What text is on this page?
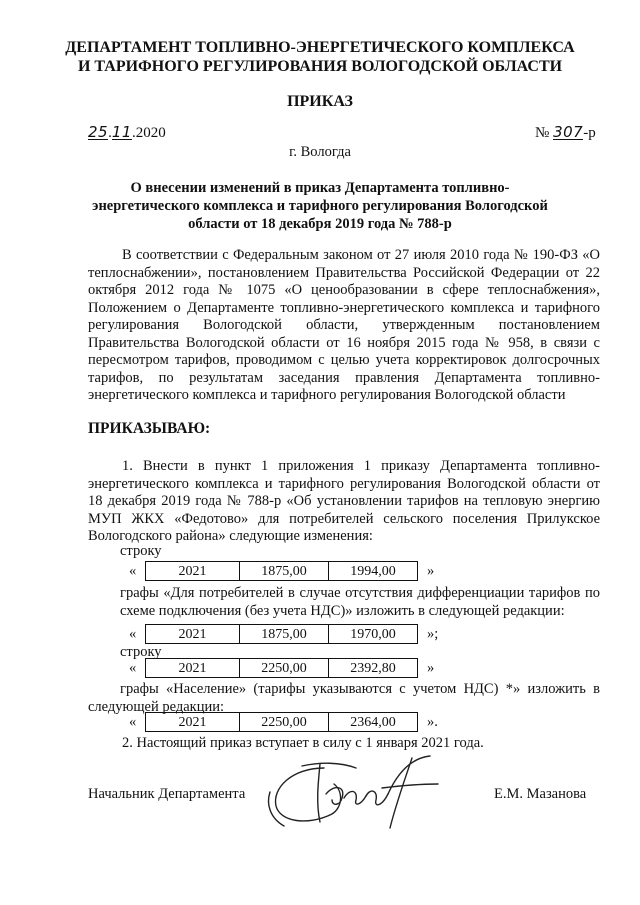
ДЕПАРТАМЕНТ ТОПЛИВНО-ЭНЕРГЕТИЧЕСКОГО КОМПЛЕКСА
И ТАРИФНОГО РЕГУЛИРОВАНИЯ ВОЛОГОДСКОЙ ОБЛАСТИ
ПРИКАЗ
25.11.2020	№ 307-р
г. Вологда
О внесении изменений в приказ Департамента топливно-
энергетического комплекса и тарифного регулирования Вологодской
области от 18 декабря 2019 года № 788-р
В соответствии с Федеральным законом от 27 июля 2010 года № 190-ФЗ «О теплоснабжении», постановлением Правительства Российской Федерации от 22 октября 2012 года № 1075 «О ценообразовании в сфере теплоснабжения», Положением о Департаменте топливно-энергетического комплекса и тарифного регулирования Вологодской области, утвержденным постановлением Правительства Вологодской области от 16 ноября 2015 года № 958, в связи с пересмотром тарифов, проводимом с целью учета корректировок долгосрочных тарифов, по результатам заседания правления Департамента топливно-энергетического комплекса и тарифного регулирования Вологодской области
ПРИКАЗЫВАЮ:
1. Внести в пункт 1 приложения 1 приказу Департамента топливно-энергетического комплекса и тарифного регулирования Вологодской области от 18 декабря 2019 года № 788-р «Об установлении тарифов на тепловую энергию МУП ЖКХ «Федотово» для потребителей сельского поселения Прилукское Вологодского района» следующие изменения:
строку
«	2021	1875,00	1994,00	»
графы «Для потребителей в случае отсутствия дифференциации тарифов по схеме подключения (без учета НДС)» изложить в следующей редакции:
«	2021	1875,00	1970,00	»;
строку
«	2021	2250,00	2392,80	»
графы «Население» (тарифы указываются с учетом НДС) *» изложить в следующей редакции:
«	2021	2250,00	2364,00	».
2. Настоящий приказ вступает в силу с 1 января 2021 года.
Начальник Департамента	Е.М. Мазанова
